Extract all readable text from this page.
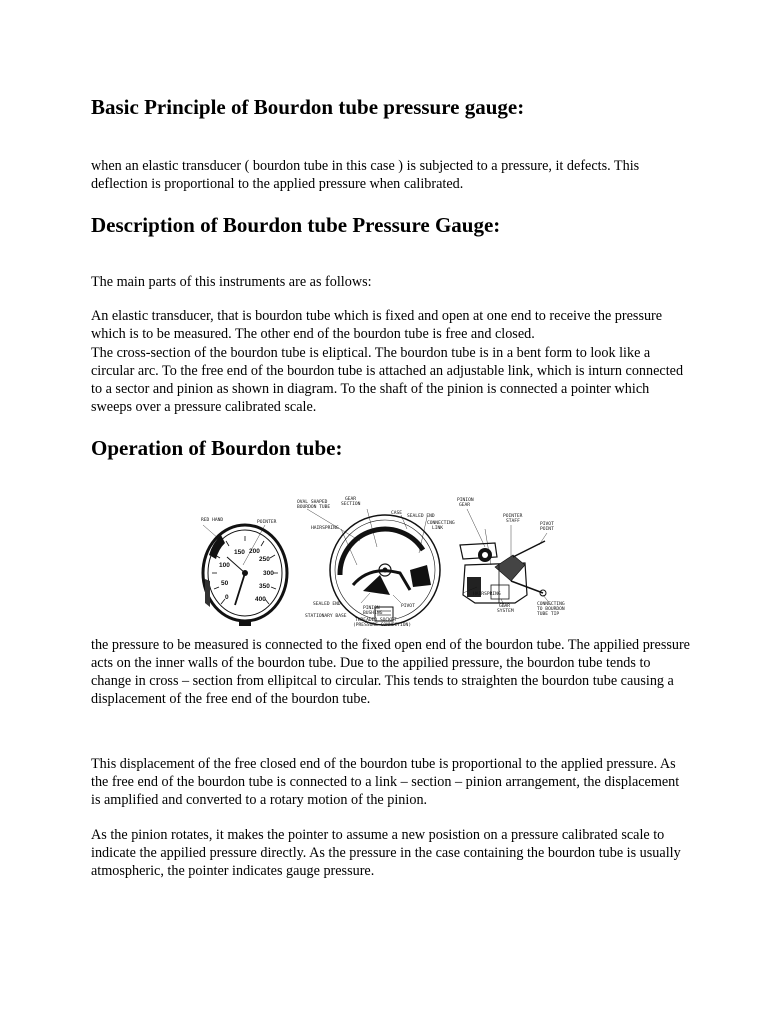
Basic Principle of Bourdon tube pressure gauge:

when an elastic transducer ( bourdon tube in this case ) is subjected to a pressure, it defects. This deflection is proportional to the applied pressure when calibrated.

Description of Bourdon tube Pressure Gauge:

The main parts of this instruments are as follows:

An elastic transducer, that is bourdon tube which is fixed and open at one end to receive the pressure which is to be measured. The other end of the bourdon tube is free and closed.

The cross-section of the bourdon tube is eliptical. The bourdon tube is in a bent form to look like a circular arc. To the free end of the bourdon tube is attached an adjustable link, which is inturn connected to a sector and pinion as shown in diagram. To the shaft of the pinion is connected a pointer which sweeps over a pressure calibrated scale.

Operation of Bourdon tube:
150 200
250
100
300
50	350
0	400
RED HAND	POINTER
OVAL SHAPED
BOURDON TUBE
GEAR
SECTION
CASE
SEALED END
PINION
GEAR
CONNECTING
LINK
POINTER
STAFF
PIVOT
POINT
HAIRSPRING
HAIRSPRING
SEALED END	PIVOT
PINION
BUSHING
STATIONARY BASE
THREADED SOCKET
(PRESSURE CONNECTION)
GEAR
SYSTEM
CONNECTING
TO BOURDON
TUBE TIP

the pressure to be measured is connected to the fixed open end of the bourdon tube. The appilied pressure acts on the inner walls of the bourdon tube. Due to the appilied pressure, the bourdon tube tends to change in cross – section from ellipitcal to circular. This tends to straighten the bourdon tube causing a displacement of the free end of the bourdon tube.

This displacement of the free closed end of the bourdon tube is proportional to the applied pressure. As the free end of the bourdon tube is connected to a link – section – pinion arrangement, the displacement is amplified and converted to a rotary motion of the pinion.

As the pinion rotates, it makes the pointer to assume a new posistion on a pressure calibrated scale to indicate the appilied pressure directly. As the pressure in the case containing the bourdon tube is usually atmospheric, the pointer indicates gauge pressure.
